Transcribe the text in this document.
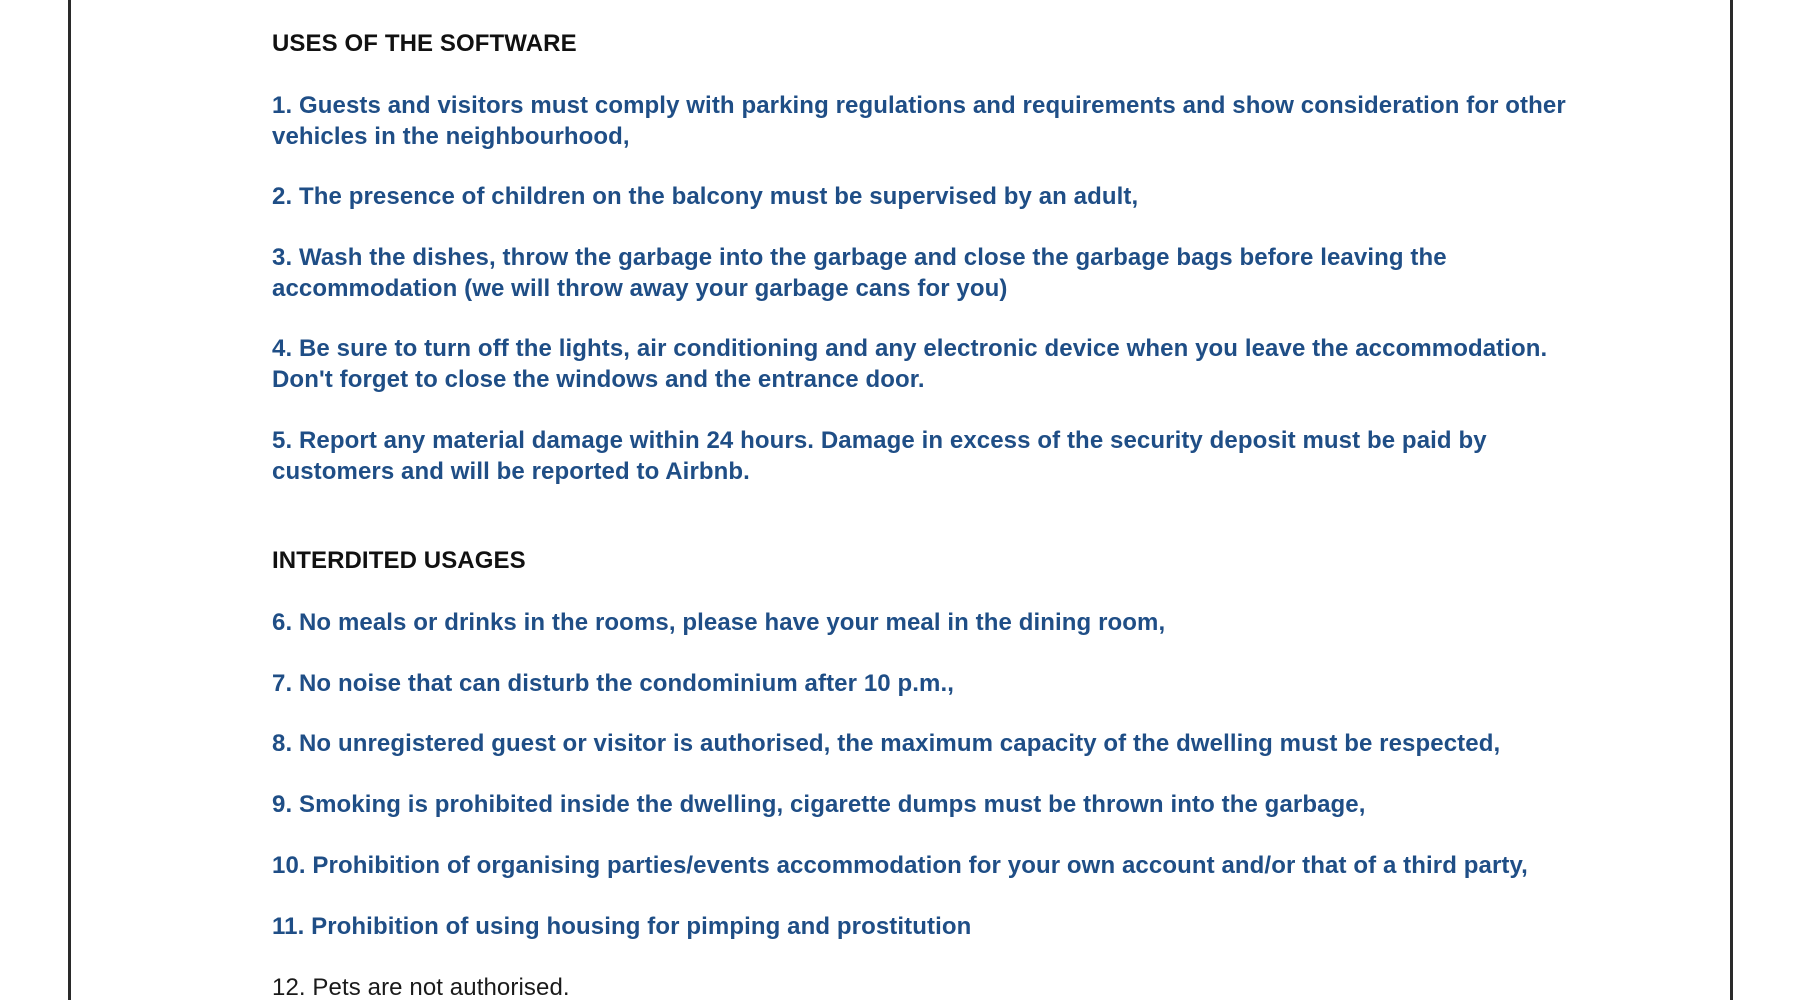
USES OF THE SOFTWARE
1. Guests and visitors must comply with parking regulations and requirements and show consideration for other vehicles in the neighbourhood,
2. The presence of children on the balcony must be supervised by an adult,
3. Wash the dishes, throw the garbage into the garbage and close the garbage bags before leaving the accommodation (we will throw away your garbage cans for you)
4. Be sure to turn off the lights, air conditioning and any electronic device when you leave the accommodation. Don't forget to close the windows and the entrance door.
5. Report any material damage within 24 hours. Damage in excess of the security deposit must be paid by customers and will be reported to Airbnb.
INTERDITED USAGES
6. No meals or drinks in the rooms, please have your meal in the dining room,
7. No noise that can disturb the condominium after 10 p.m.,
8. No unregistered guest or visitor is authorised, the maximum capacity of the dwelling must be respected,
9. Smoking is prohibited inside the dwelling, cigarette dumps must be thrown into the garbage,
10. Prohibition of organising parties/events accommodation for your own account and/or that of a third party,
11. Prohibition of using housing for pimping and prostitution
12. Pets are not authorised.
